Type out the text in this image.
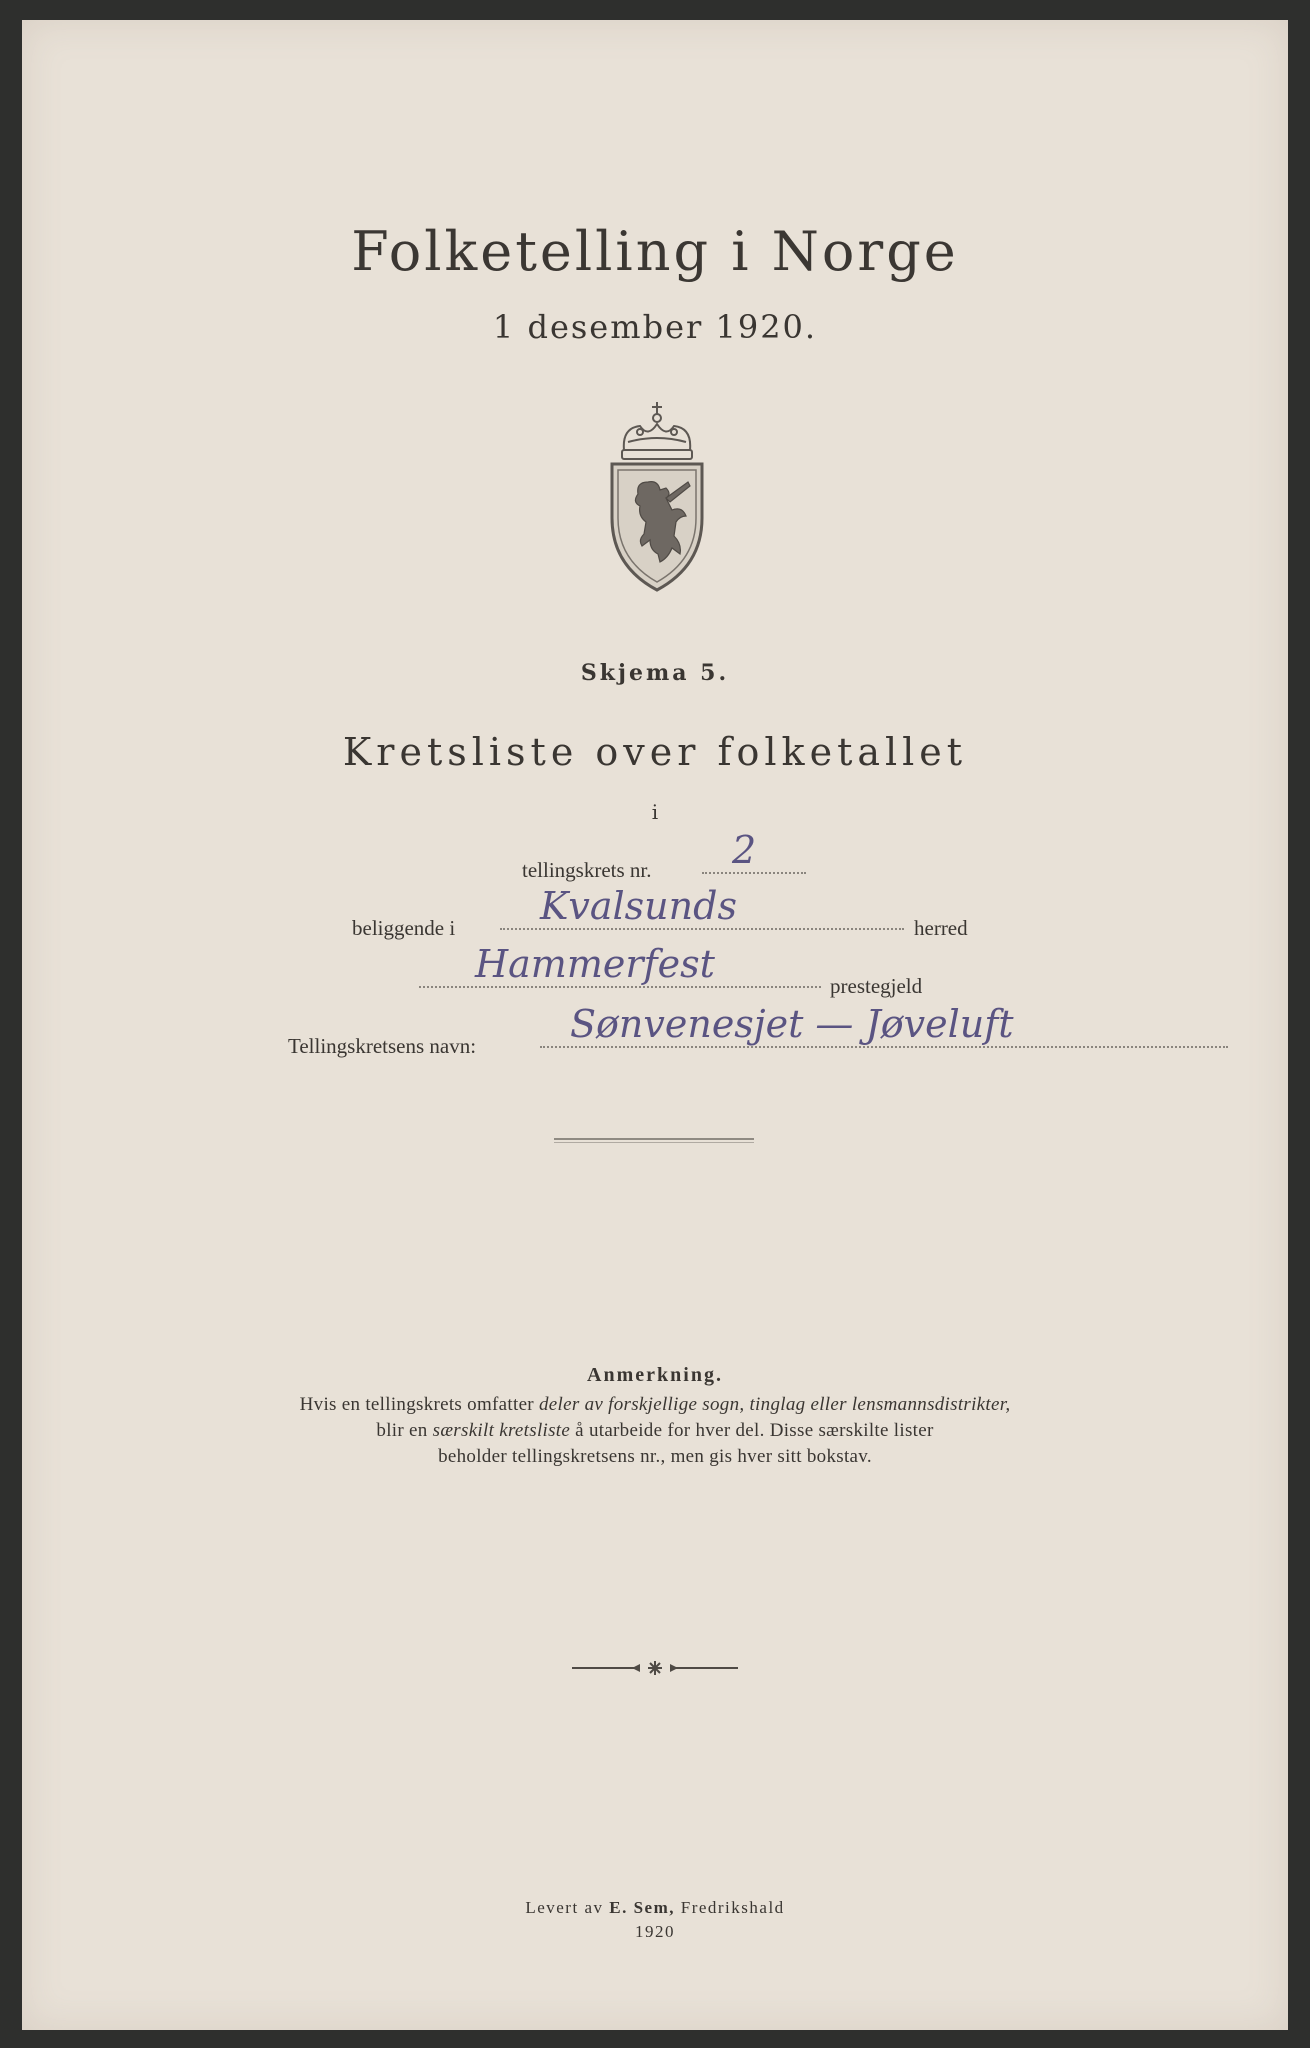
Folketelling i Norge
1 desember 1920.
Skjema 5.
Kretsliste over folketallet
i
tellingskrets nr.	2
beliggende i	Kvalsunds	herred
Hammerfest	prestegjeld
Tellingskretsens navn:	Sønvenesjet — Jøveluft
Anmerkning.
Hvis en tellingskrets omfatter deler av forskjellige sogn, tinglag eller lensmannsdistrikter,
blir en særskilt kretsliste å utarbeide for hver del. Disse særskilte lister
beholder tellingskretsens nr., men gis hver sitt bokstav.
Levert av E. Sem, Fredrikshald
1920
